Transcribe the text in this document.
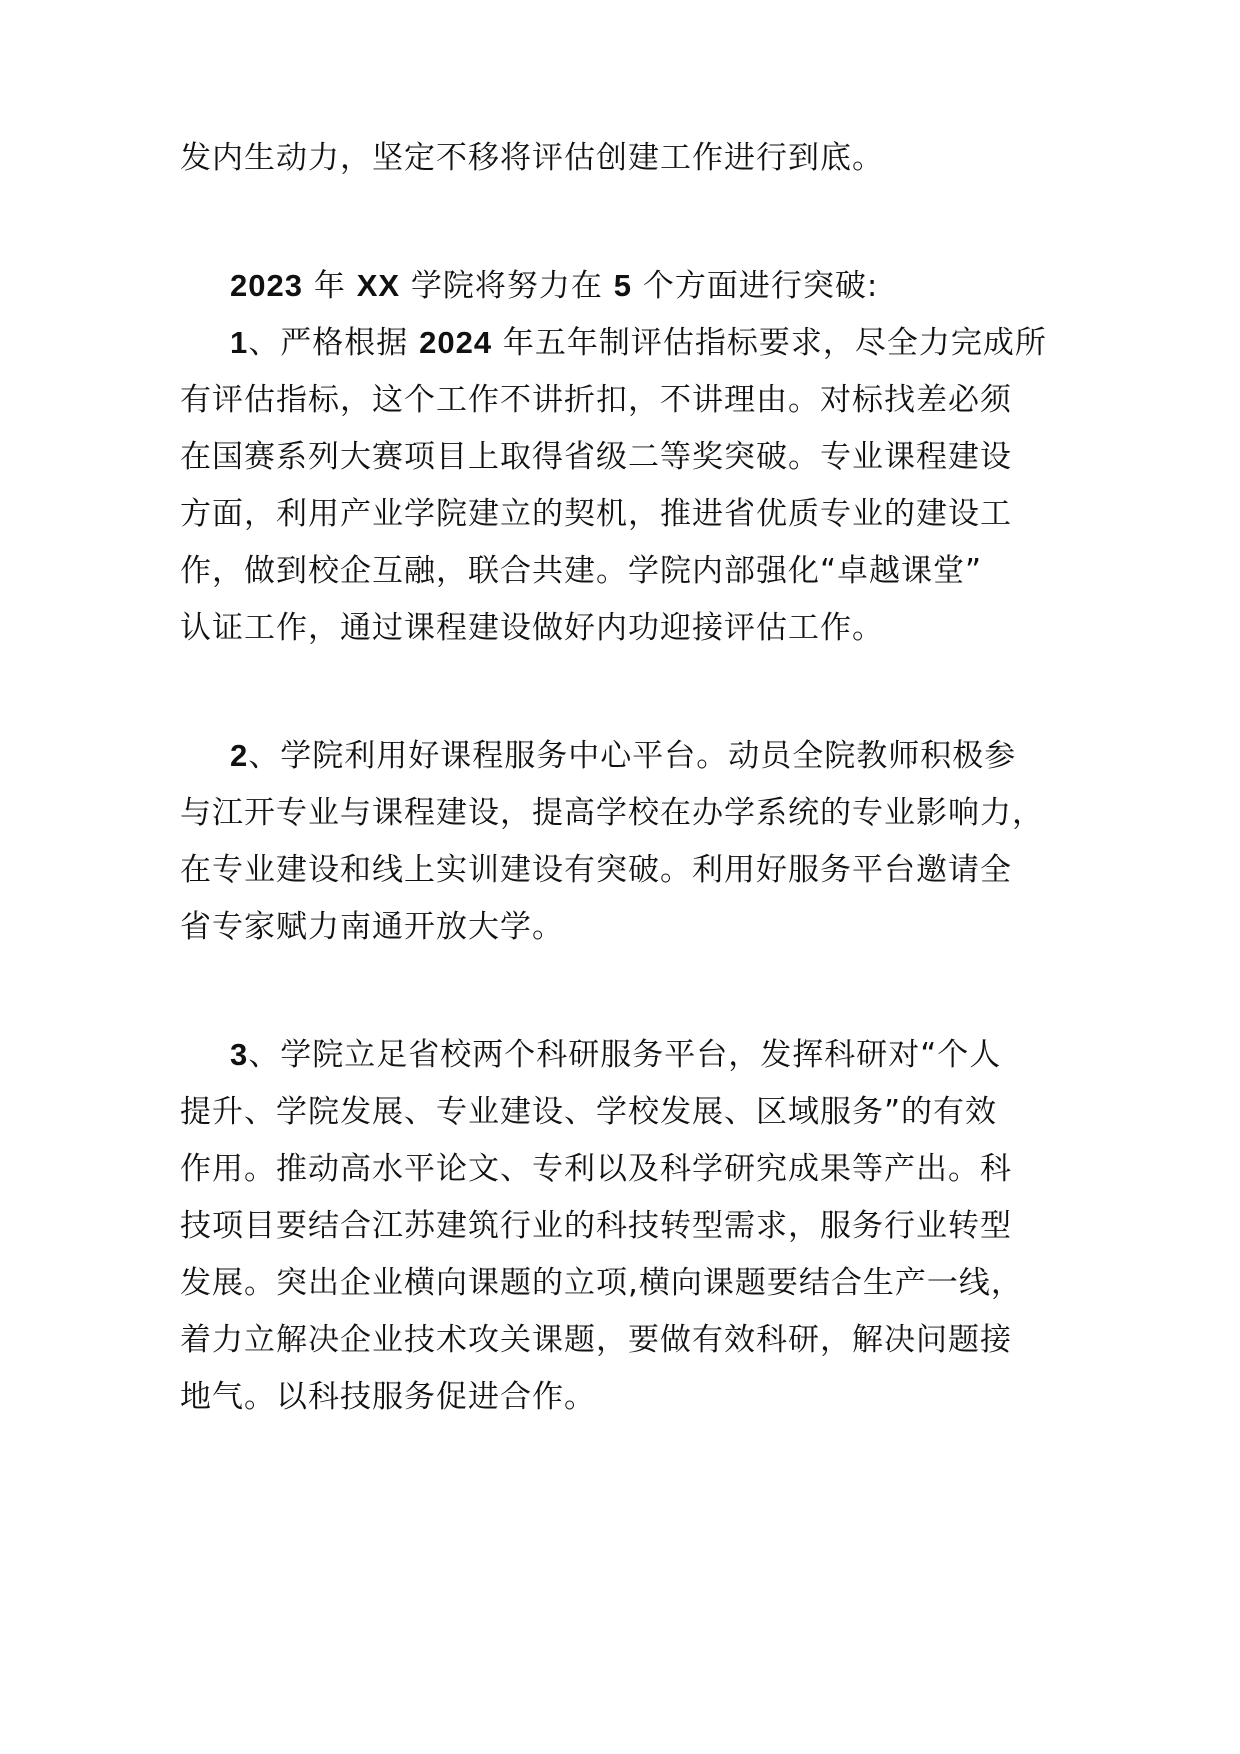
发内生动力，坚定不移将评估创建工作进行到底。
2023 年 XX 学院将努力在 5 个方面进行突破:
1、严格根据 2024 年五年制评估指标要求，尽全力完成所
有评估指标，这个工作不讲折扣，不讲理由。对标找差必须
在国赛系列大赛项目上取得省级二等奖突破。专业课程建设
方面，利用产业学院建立的契机，推进省优质专业的建设工
作，做到校企互融，联合共建。学院内部强化“卓越课堂”
认证工作，通过课程建设做好内功迎接评估工作。
2、学院利用好课程服务中心平台。动员全院教师积极参
与江开专业与课程建设，提高学校在办学系统的专业影响力，
在专业建设和线上实训建设有突破。利用好服务平台邀请全
省专家赋力南通开放大学。
3、学院立足省校两个科研服务平台，发挥科研对“个人
提升、学院发展、专业建设、学校发展、区域服务”的有效
作用。推动高水平论文、专利以及科学研究成果等产出。科
技项目要结合江苏建筑行业的科技转型需求，服务行业转型
发展。突出企业横向课题的立项,横向课题要结合生产一线，
着力立解决企业技术攻关课题，要做有效科研，解决问题接
地气。以科技服务促进合作。
